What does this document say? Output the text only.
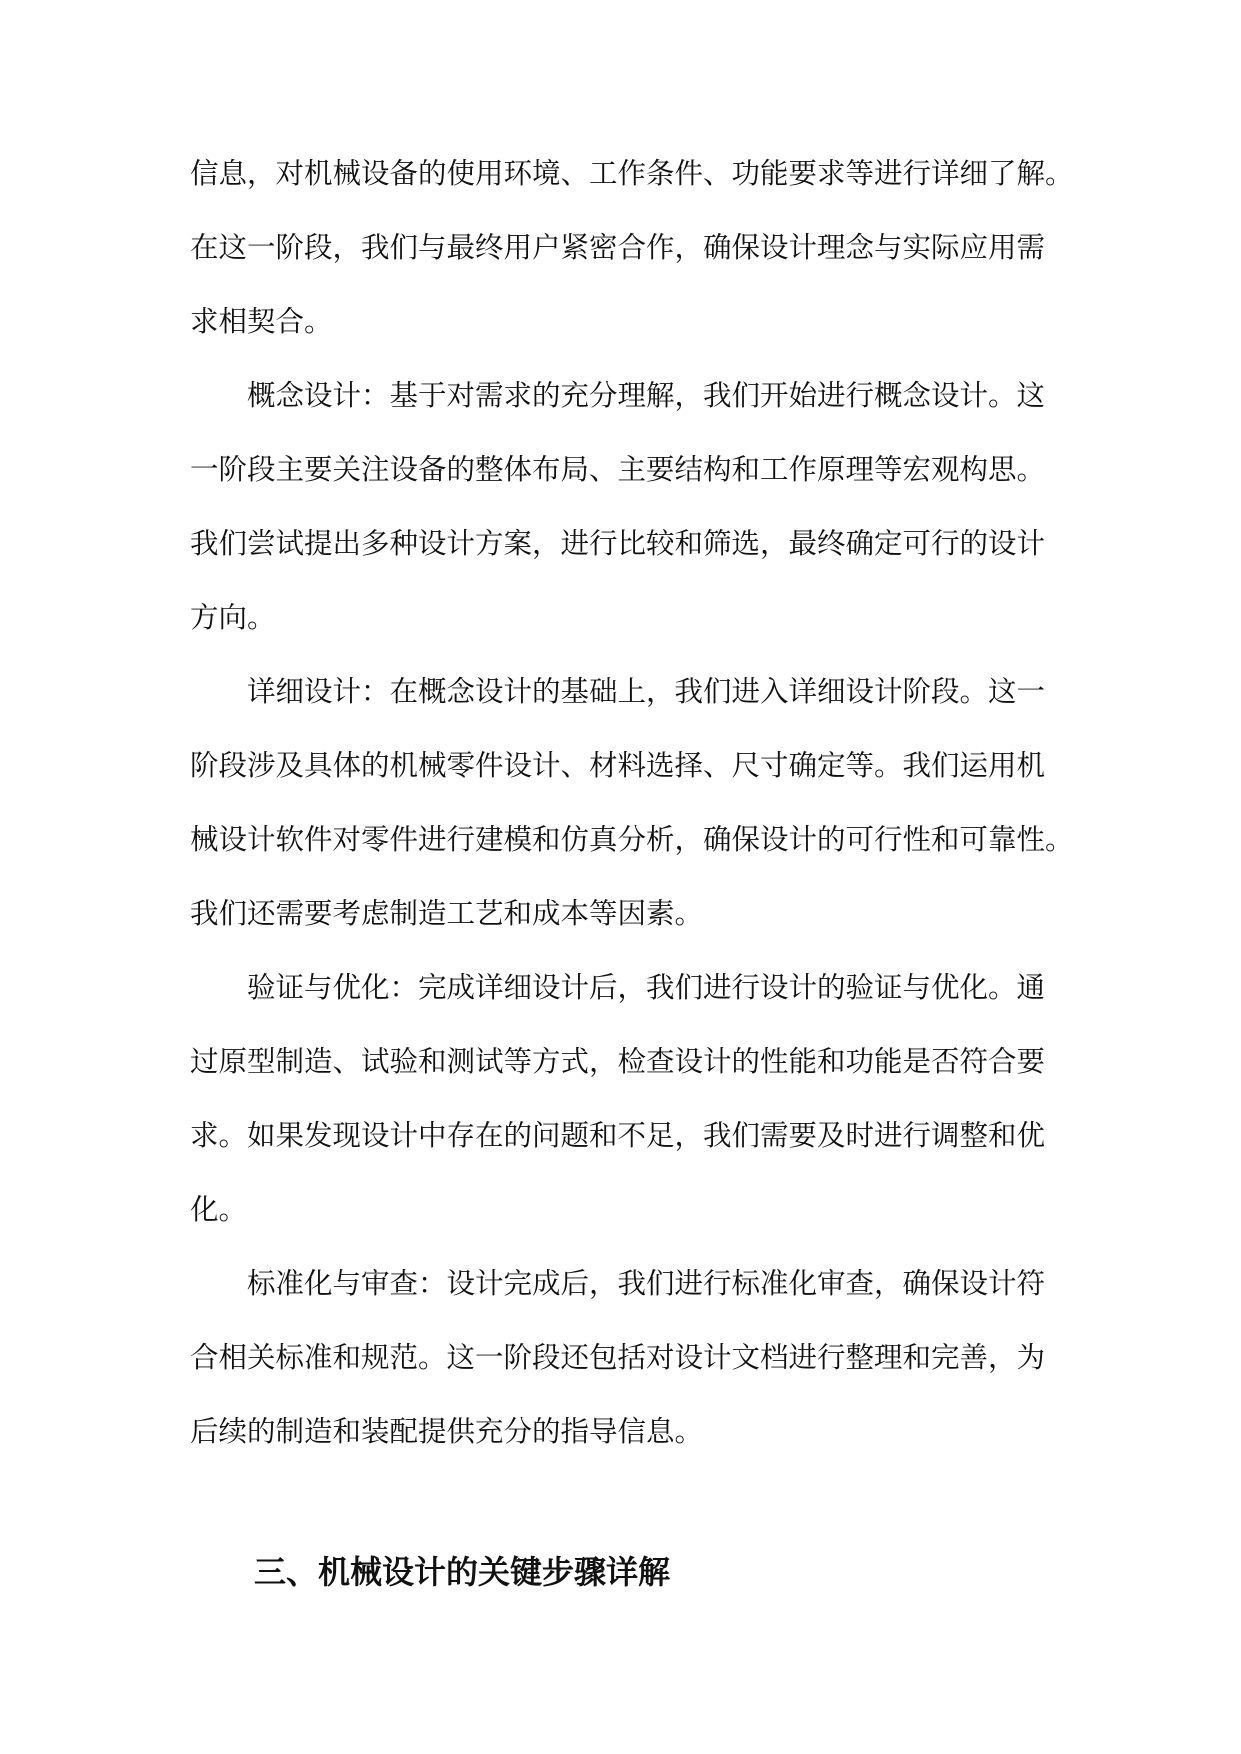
信息，对机械设备的使用环境、工作条件、功能要求等进行详细了解。
在这一阶段，我们与最终用户紧密合作，确保设计理念与实际应用需
求相契合。
概念设计：基于对需求的充分理解，我们开始进行概念设计。这
一阶段主要关注设备的整体布局、主要结构和工作原理等宏观构思。
我们尝试提出多种设计方案，进行比较和筛选，最终确定可行的设计
方向。
详细设计：在概念设计的基础上，我们进入详细设计阶段。这一
阶段涉及具体的机械零件设计、材料选择、尺寸确定等。我们运用机
械设计软件对零件进行建模和仿真分析，确保设计的可行性和可靠性。
我们还需要考虑制造工艺和成本等因素。
验证与优化：完成详细设计后，我们进行设计的验证与优化。通
过原型制造、试验和测试等方式，检查设计的性能和功能是否符合要
求。如果发现设计中存在的问题和不足，我们需要及时进行调整和优
化。
标准化与审查：设计完成后，我们进行标准化审查，确保设计符
合相关标准和规范。这一阶段还包括对设计文档进行整理和完善，为
后续的制造和装配提供充分的指导信息。
三、机械设计的关键步骤详解
